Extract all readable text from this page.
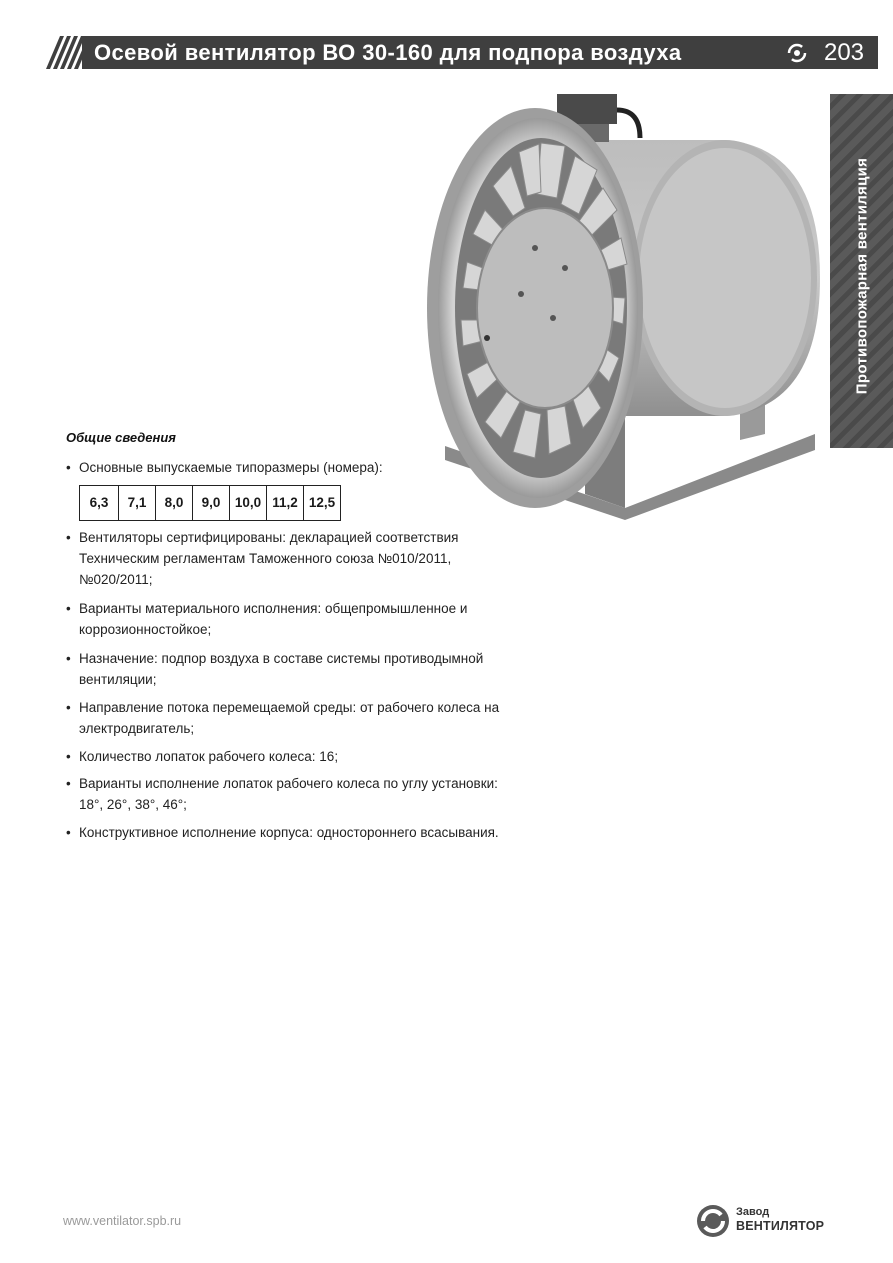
Осевой вентилятор ВО 30-160 для подпора воздуха	203
Противопожарная вентиляция
Общие сведения
• Основные выпускаемые типоразмеры (номера):
6,3	7,1	8,0	9,0	10,0 11,2 12,5
• Вентиляторы сертифицированы: декларацией соответствия
Техническим регламентам Таможенного союза №010/2011,
№020/2011;
• Варианты материального исполнения: общепромышленное и
коррозионностойкое;
• Назначение: подпор воздуха в составе системы противодымной
вентиляции;
• Направление потока перемещаемой среды: от рабочего колеса на
электродвигатель;
• Количество лопаток рабочего колеса: 16;
• Варианты исполнение лопаток рабочего колеса по углу установки:
18°, 26°, 38°, 46°;
• Конструктивное исполнение корпуса: одностороннего всасывания.
www.ventilator.spb.ru
Завод
ВЕНТИЛЯТОР
